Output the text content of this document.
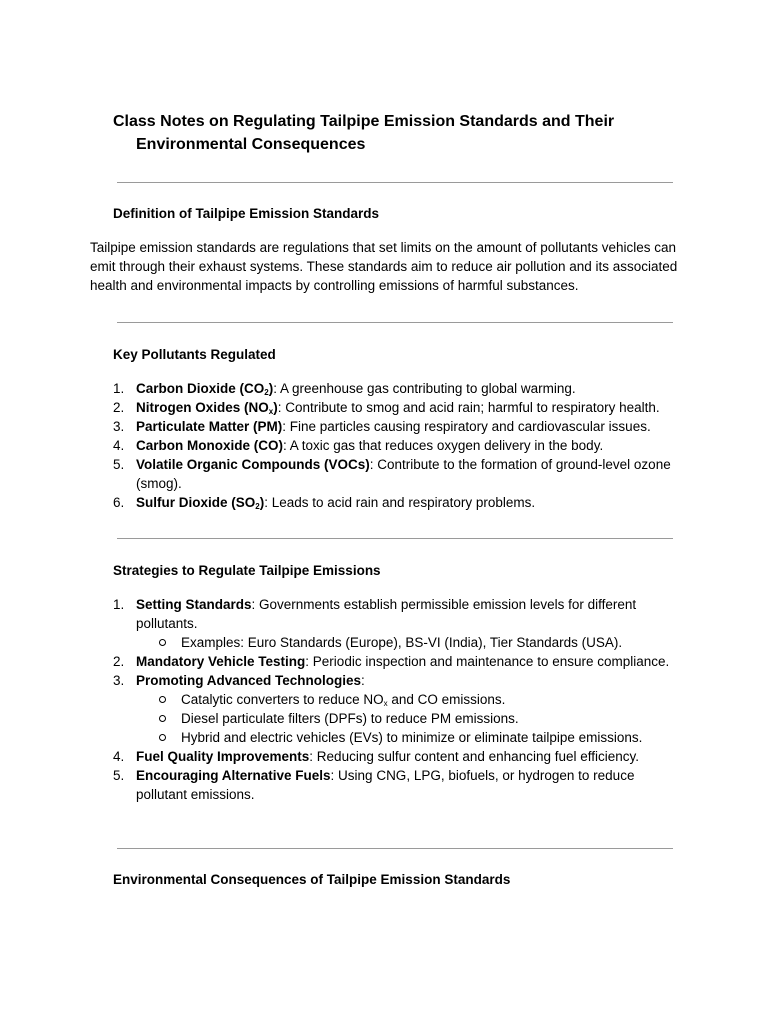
Class Notes on Regulating Tailpipe Emission Standards and Their Environmental Consequences
Definition of Tailpipe Emission Standards

Tailpipe emission standards are regulations that set limits on the amount of pollutants vehicles can emit through their exhaust systems. These standards aim to reduce air pollution and its associated health and environmental impacts by controlling emissions of harmful substances.

Key Pollutants Regulated
1. Carbon Dioxide $(CO_2)$: A greenhouse gas contributing to global warming.
2. Nitrogen Oxides $(NO_x)$: Contribute to smog and acid rain; harmful to respiratory health.
3. Particulate Matter (PM): Fine particles causing respiratory and cardiovascular issues.
4. Carbon Monoxide (CO): A toxic gas that reduces oxygen delivery in the body.
5. Volatile Organic Compounds (VOCs): Contribute to the formation of ground-level ozone (smog).
6. Sulfur Dioxide $(SO_2)$: Leads to acid rain and respiratory problems.
Strategies to Regulate Tailpipe Emissions
1. Setting Standards: Governments establish permissible emission levels for different pollutants.
Examples: Euro Standards (Europe), BS-VI (India), Tier Standards (USA).
2. Mandatory Vehicle Testing: Periodic inspection and maintenance to ensure compliance.
3. Promoting Advanced Technologies:
Catalytic converters to reduce $NO_x$ and CO emissions.
Diesel particulate filters (DPFs) to reduce PM emissions.
Hybrid and electric vehicles (EVs) to minimize or eliminate tailpipe emissions.
4. Fuel Quality Improvements: Reducing sulfur content and enhancing fuel efficiency.
5. Encouraging Alternative Fuels: Using CNG, LPG, biofuels, or hydrogen to reduce pollutant emissions.
Environmental Consequences of Tailpipe Emission Standards
